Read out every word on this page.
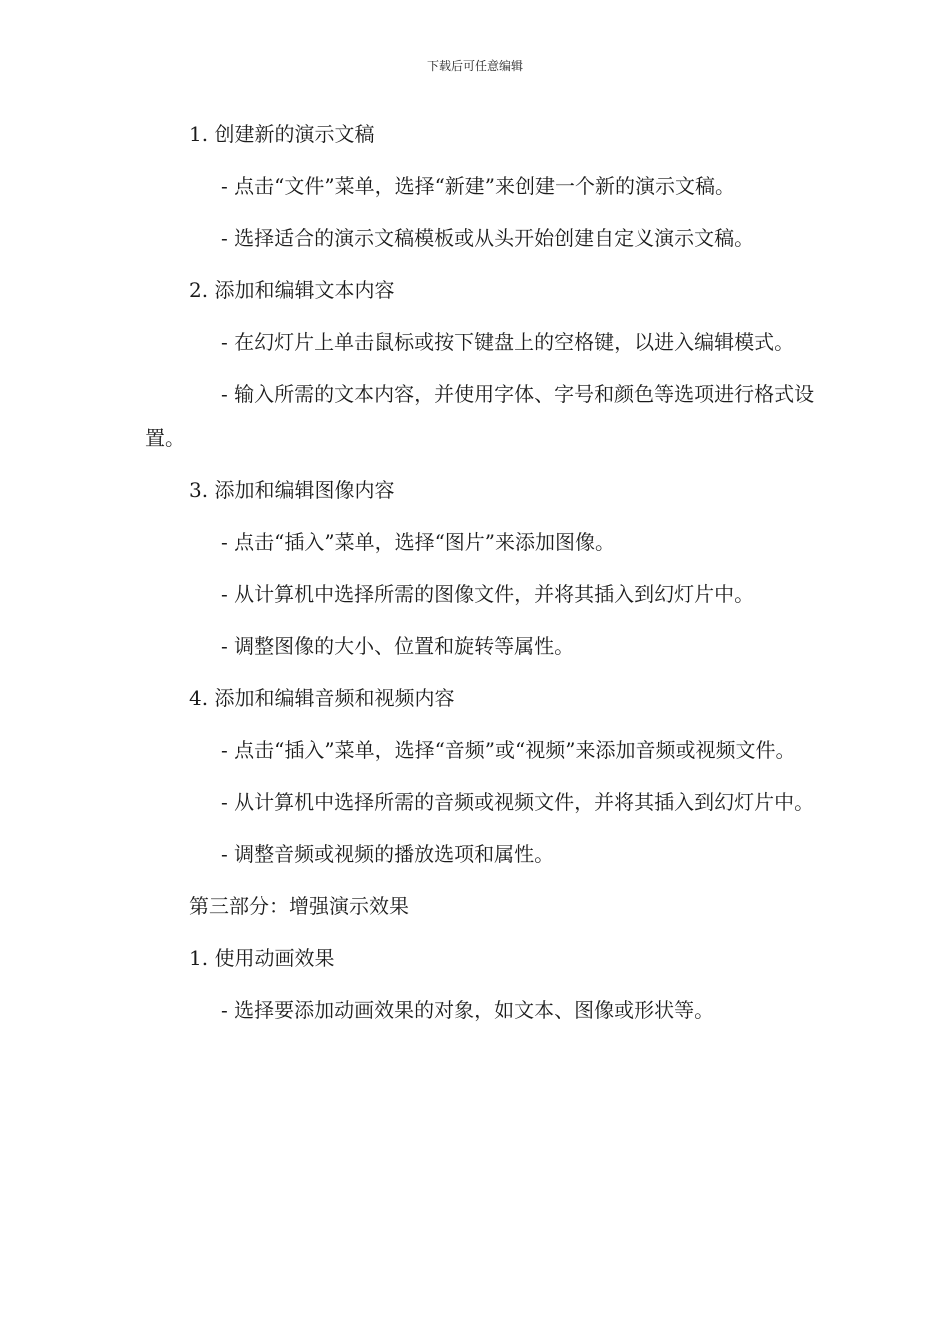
下载后可任意编辑

1. 创建新的演示文稿

- 点击“文件”菜单，选择“新建”来创建一个新的演示文稿。

- 选择适合的演示文稿模板或从头开始创建自定义演示文稿。

2. 添加和编辑文本内容

- 在幻灯片上单击鼠标或按下键盘上的空格键，以进入编辑模式。

- 输入所需的文本内容，并使用字体、字号和颜色等选项进行格式设置。

3. 添加和编辑图像内容

- 点击“插入”菜单，选择“图片”来添加图像。

- 从计算机中选择所需的图像文件，并将其插入到幻灯片中。

- 调整图像的大小、位置和旋转等属性。

4. 添加和编辑音频和视频内容

- 点击“插入”菜单，选择“音频”或“视频”来添加音频或视频文件。

- 从计算机中选择所需的音频或视频文件，并将其插入到幻灯片中。

- 调整音频或视频的播放选项和属性。

第三部分：增强演示效果

1. 使用动画效果

- 选择要添加动画效果的对象，如文本、图像或形状等。
